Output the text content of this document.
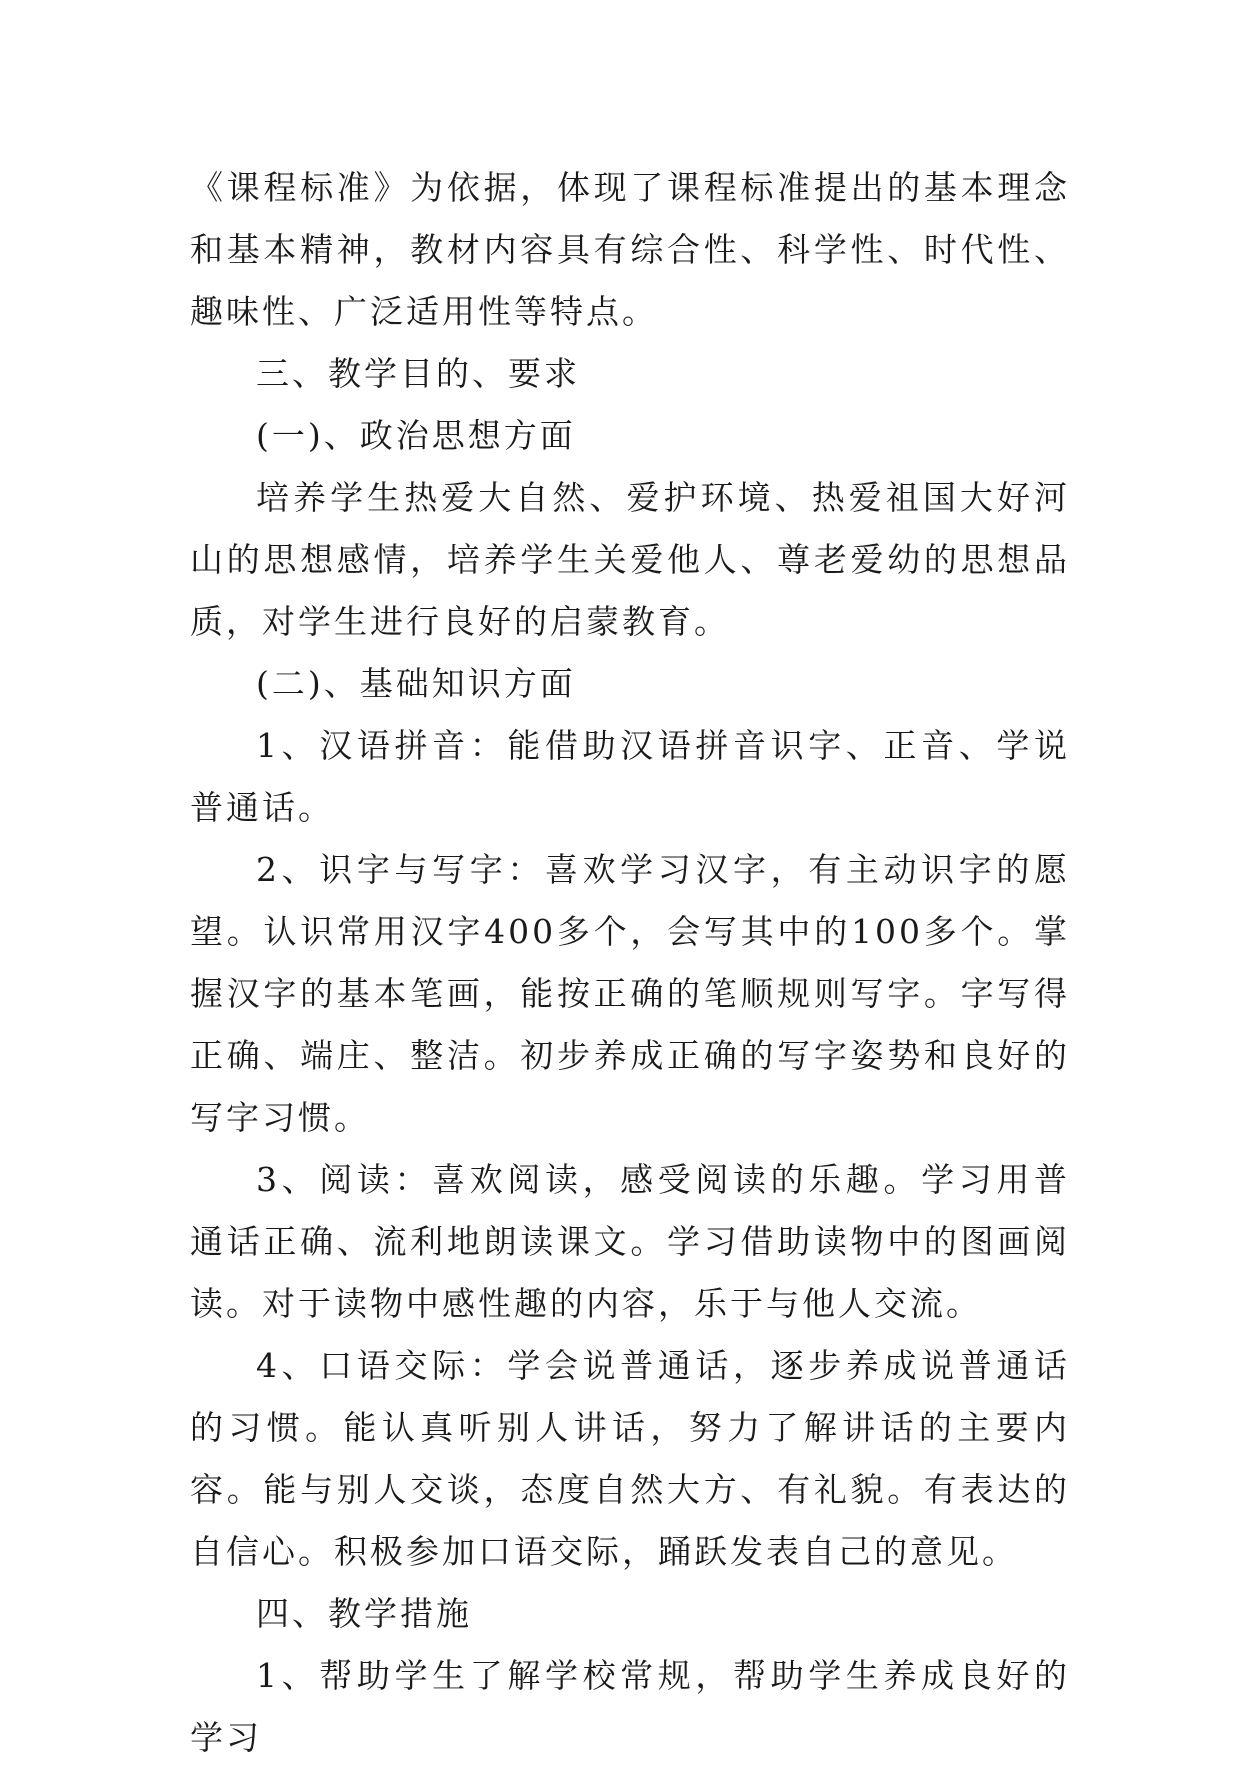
《课程标准》为依据，体现了课程标准提出的基本理念和基本精神，教材内容具有综合性、科学性、时代性、趣味性、广泛适用性等特点。

三、教学目的、要求

(一)、政治思想方面

培养学生热爱大自然、爱护环境、热爱祖国大好河山的思想感情，培养学生关爱他人、尊老爱幼的思想品质，对学生进行良好的启蒙教育。

(二)、基础知识方面

1、汉语拼音：能借助汉语拼音识字、正音、学说普通话。

2、识字与写字：喜欢学习汉字，有主动识字的愿望。认识常用汉字400多个，会写其中的100多个。掌握汉字的基本笔画，能按正确的笔顺规则写字。字写得正确、端庄、整洁。初步养成正确的写字姿势和良好的写字习惯。

3、阅读：喜欢阅读，感受阅读的乐趣。学习用普通话正确、流利地朗读课文。学习借助读物中的图画阅读。对于读物中感性趣的内容，乐于与他人交流。

4、口语交际：学会说普通话，逐步养成说普通话的习惯。能认真听别人讲话，努力了解讲话的主要内容。能与别人交谈，态度自然大方、有礼貌。有表达的自信心。积极参加口语交际，踊跃发表自己的意见。

四、教学措施

1、帮助学生了解学校常规，帮助学生养成良好的学习
